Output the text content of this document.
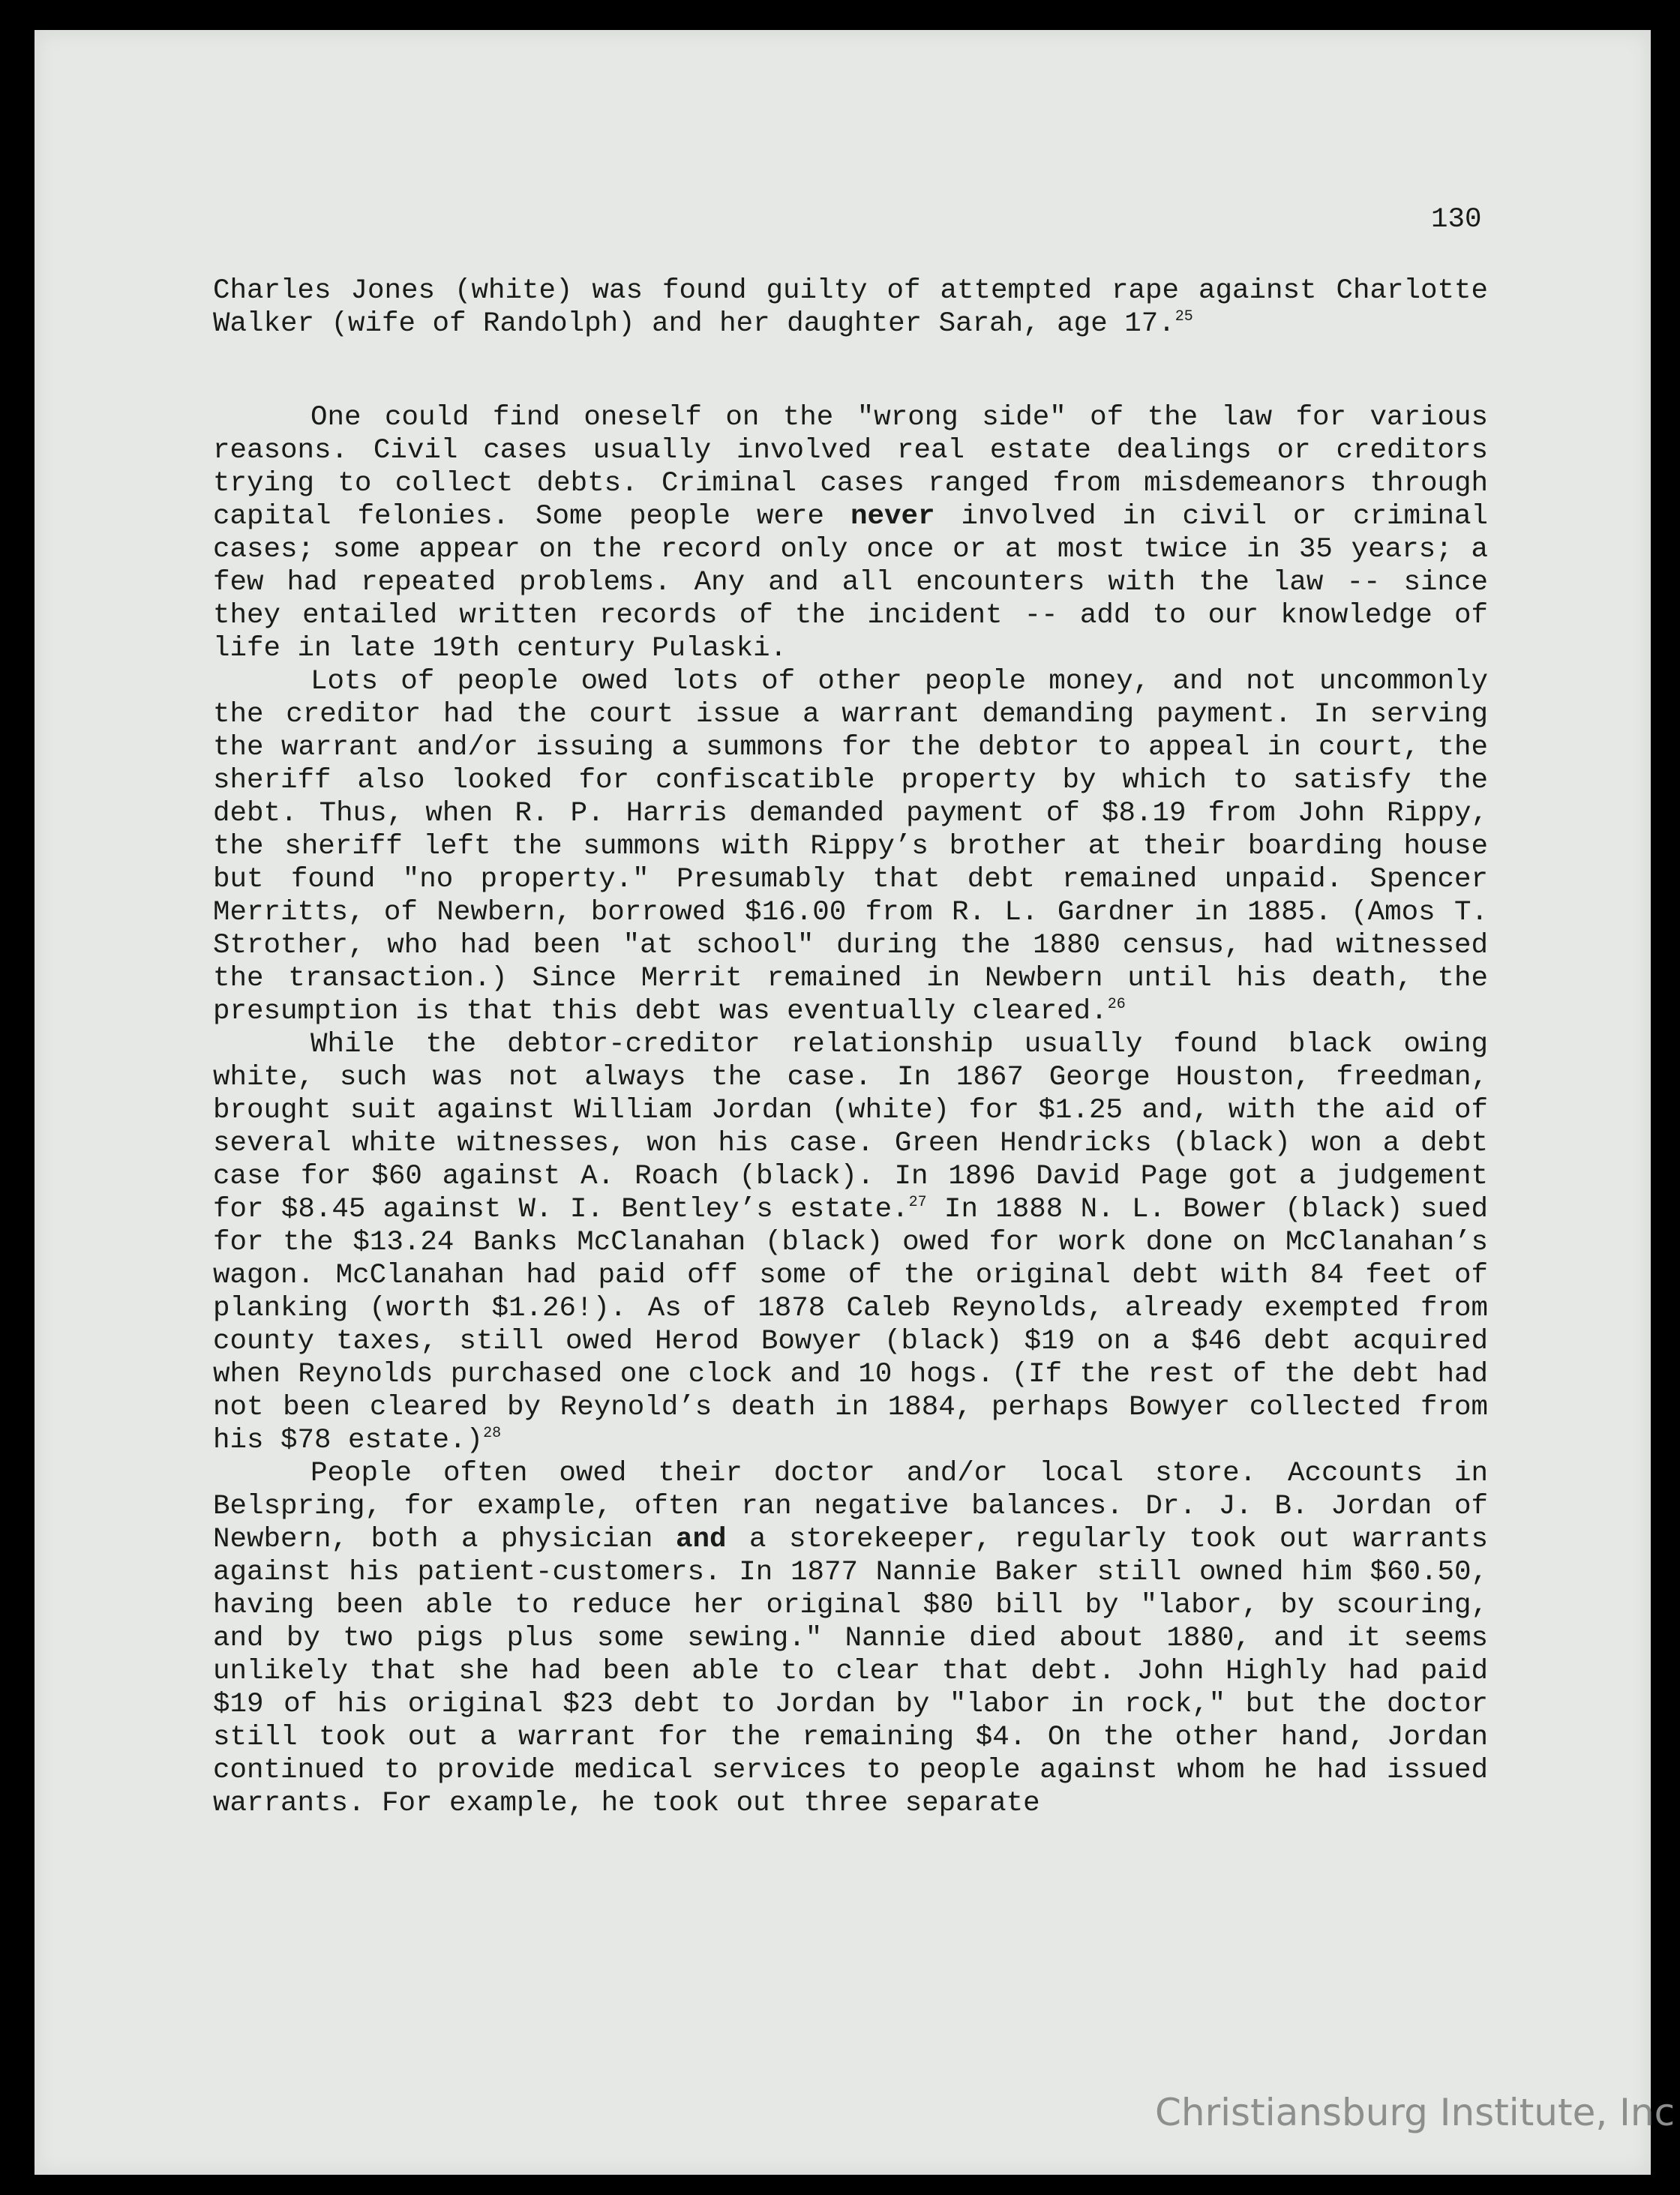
130

Charles Jones (white) was found guilty of attempted rape against Charlotte Walker (wife of Randolph) and her daughter Sarah, age 17.25

One could find oneself on the "wrong side" of the law for various reasons. Civil cases usually involved real estate dealings or creditors trying to collect debts. Criminal cases ranged from misdemeanors through capital felonies. Some people were never involved in civil or criminal cases; some appear on the record only once or at most twice in 35 years; a few had repeated problems. Any and all encounters with the law -- since they entailed written records of the incident -- add to our knowledge of life in late 19th century Pulaski.

Lots of people owed lots of other people money, and not uncommonly the creditor had the court issue a warrant demanding payment. In serving the warrant and/or issuing a summons for the debtor to appeal in court, the sheriff also looked for confiscatible property by which to satisfy the debt. Thus, when R. P. Harris demanded payment of $8.19 from John Rippy, the sheriff left the summons with Rippy’s brother at their boarding house but found "no property." Presumably that debt remained unpaid. Spencer Merritts, of Newbern, borrowed $16.00 from R. L. Gardner in 1885. (Amos T. Strother, who had been "at school" during the 1880 census, had witnessed the transaction.) Since Merrit remained in Newbern until his death, the presumption is that this debt was eventually cleared.$^{26}$

While the debtor-creditor relationship usually found black owing white, such was not always the case. In 1867 George Houston, freedman, brought suit against William Jordan (white) for $1.25 and, with the aid of several white witnesses, won his case. Green Hendricks (black) won a debt case for $60 against A. Roach (black). In 1896 David Page got a judgement for $8.45 against W. I. Bentley’s estate.$^{27}$ In 1888 N. L. Bower (black) sued for the $13.24 Banks McClanahan (black) owed for work done on McClanahan’s wagon. McClanahan had paid off some of the original debt with 84 feet of planking (worth $1.26!). As of 1878 Caleb Reynolds, already exempted from county taxes, still owed Herod Bowyer (black) $19 on a $46 debt acquired when Reynolds purchased one clock and 10 hogs. (If the rest of the debt had not been cleared by Reynold’s death in 1884, perhaps Bowyer collected from his $78 estate.)$^{28}$

People often owed their doctor and/or local store. Accounts in Belspring, for example, often ran negative balances. Dr. J. B. Jordan of Newbern, both a physician and a storekeeper, regularly took out warrants against his patient-customers. In 1877 Nannie Baker still owned him $60.50, having been able to reduce her original $80 bill by "labor, by scouring, and by two pigs plus some sewing." Nannie died about 1880, and it seems unlikely that she had been able to clear that debt. John Highly had paid $19 of his original $23 debt to Jordan by "labor in rock," but the doctor still took out a warrant for the remaining $4. On the other hand, Jordan continued to provide medical services to people against whom he had issued warrants. For example, he took out three separate

Christiansburg Institute, Inc
